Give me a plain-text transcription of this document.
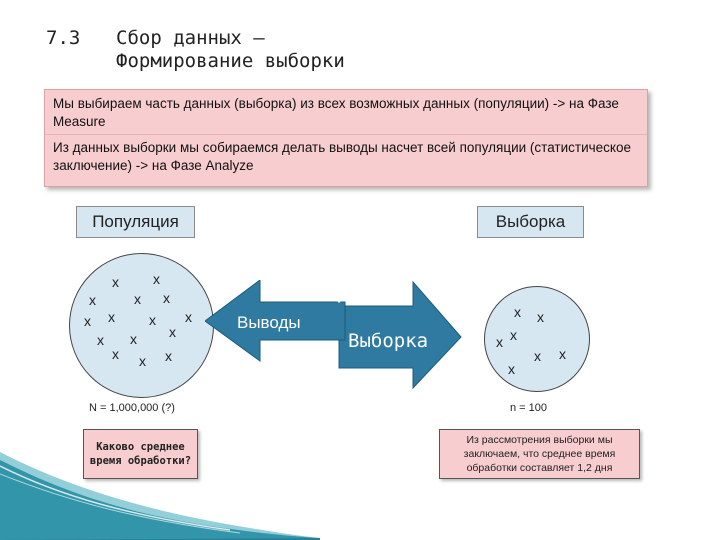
7.3 Сбор данных –
Формирование выборки
Мы выбираем часть данных (выборка) из всех возможных данных (популяции) -> на Фазе Measure
Из данных выборки мы собираемся делать выводы насчет всей популяции (статистическое заключение) -> на Фазе Analyze
Популяция	Выборка
x x
x	x x
x x x x
x
x x
x x x
x x
x
x
x x
x
Выводы
Выборка
N = 1,000,000 (?)	n = 100
Каково среднее время обработки?
Из рассмотрения выборки мы заключаем, что среднее время обработки составляет 1,2 дня
